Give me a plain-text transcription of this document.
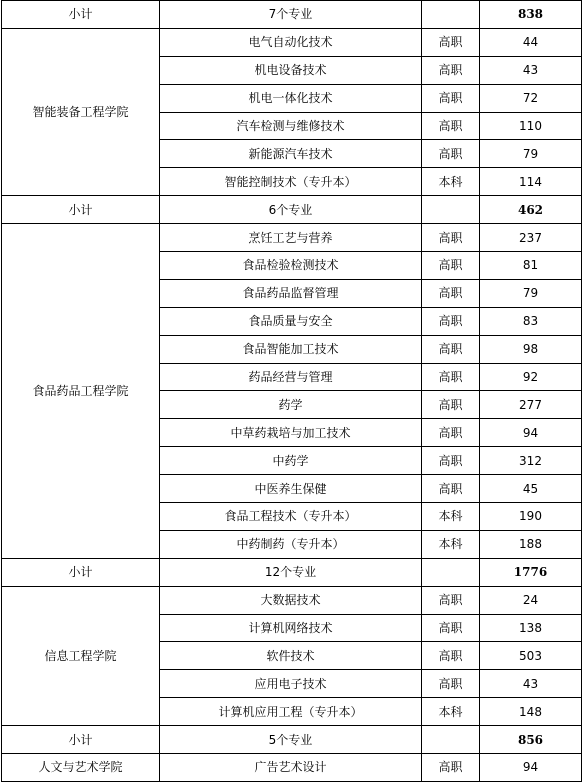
小计	7个专业		838
智能装备工程学院	电气自动化技术	高职	44
	机电设备技术	高职	43
	机电一体化技术	高职	72
	汽车检测与维修技术	高职	110
	新能源汽车技术	高职	79
	智能控制技术（专升本）	本科	114
小计	6个专业		462
食品药品工程学院	烹饪工艺与营养	高职	237
	食品检验检测技术	高职	81
	食品药品监督管理	高职	79
	食品质量与安全	高职	83
	食品智能加工技术	高职	98
	药品经营与管理	高职	92
	药学	高职	277
	中草药栽培与加工技术	高职	94
	中药学	高职	312
	中医养生保健	高职	45
	食品工程技术（专升本）	本科	190
	中药制药（专升本）	本科	188
小计	12个专业		1776
信息工程学院	大数据技术	高职	24
	计算机网络技术	高职	138
	软件技术	高职	503
	应用电子技术	高职	43
	计算机应用工程（专升本）	本科	148
小计	5个专业		856
人文与艺术学院	广告艺术设计	高职	94
